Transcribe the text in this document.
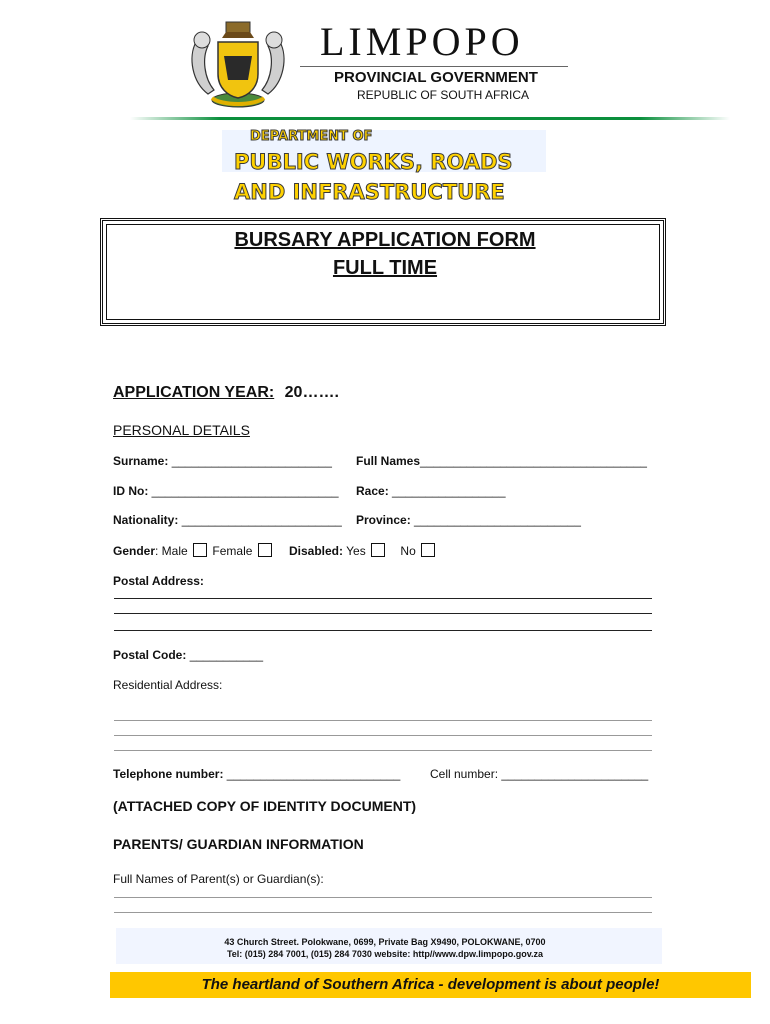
LIMPOPO
PROVINCIAL GOVERNMENT
REPUBLIC OF SOUTH AFRICA
DEPARTMENT OF
PUBLIC WORKS, ROADS
AND INFRASTRUCTURE
BURSARY APPLICATION FORM
FULL TIME
APPLICATION YEAR: 20…….
PERSONAL DETAILS
Surname: ________________________ Full Names__________________________________
ID No: ____________________________ Race: _________________
Nationality: ________________________ Province: _________________________
Gender: Male Female	Disabled: Yes	No
Postal Address:
Postal Code: ___________
Residential Address:
Telephone number: __________________________ Cell number: ______________________
(ATTACHED COPY OF IDENTITY DOCUMENT)
PARENTS/ GUARDIAN INFORMATION
Full Names of Parent(s) or Guardian(s):
43 Church Street. Polokwane, 0699, Private Bag X9490, POLOKWANE, 0700
Tel: (015) 284 7001, (015) 284 7030 website: http//www.dpw.limpopo.gov.za
The heartland of Southern Africa - development is about people!
